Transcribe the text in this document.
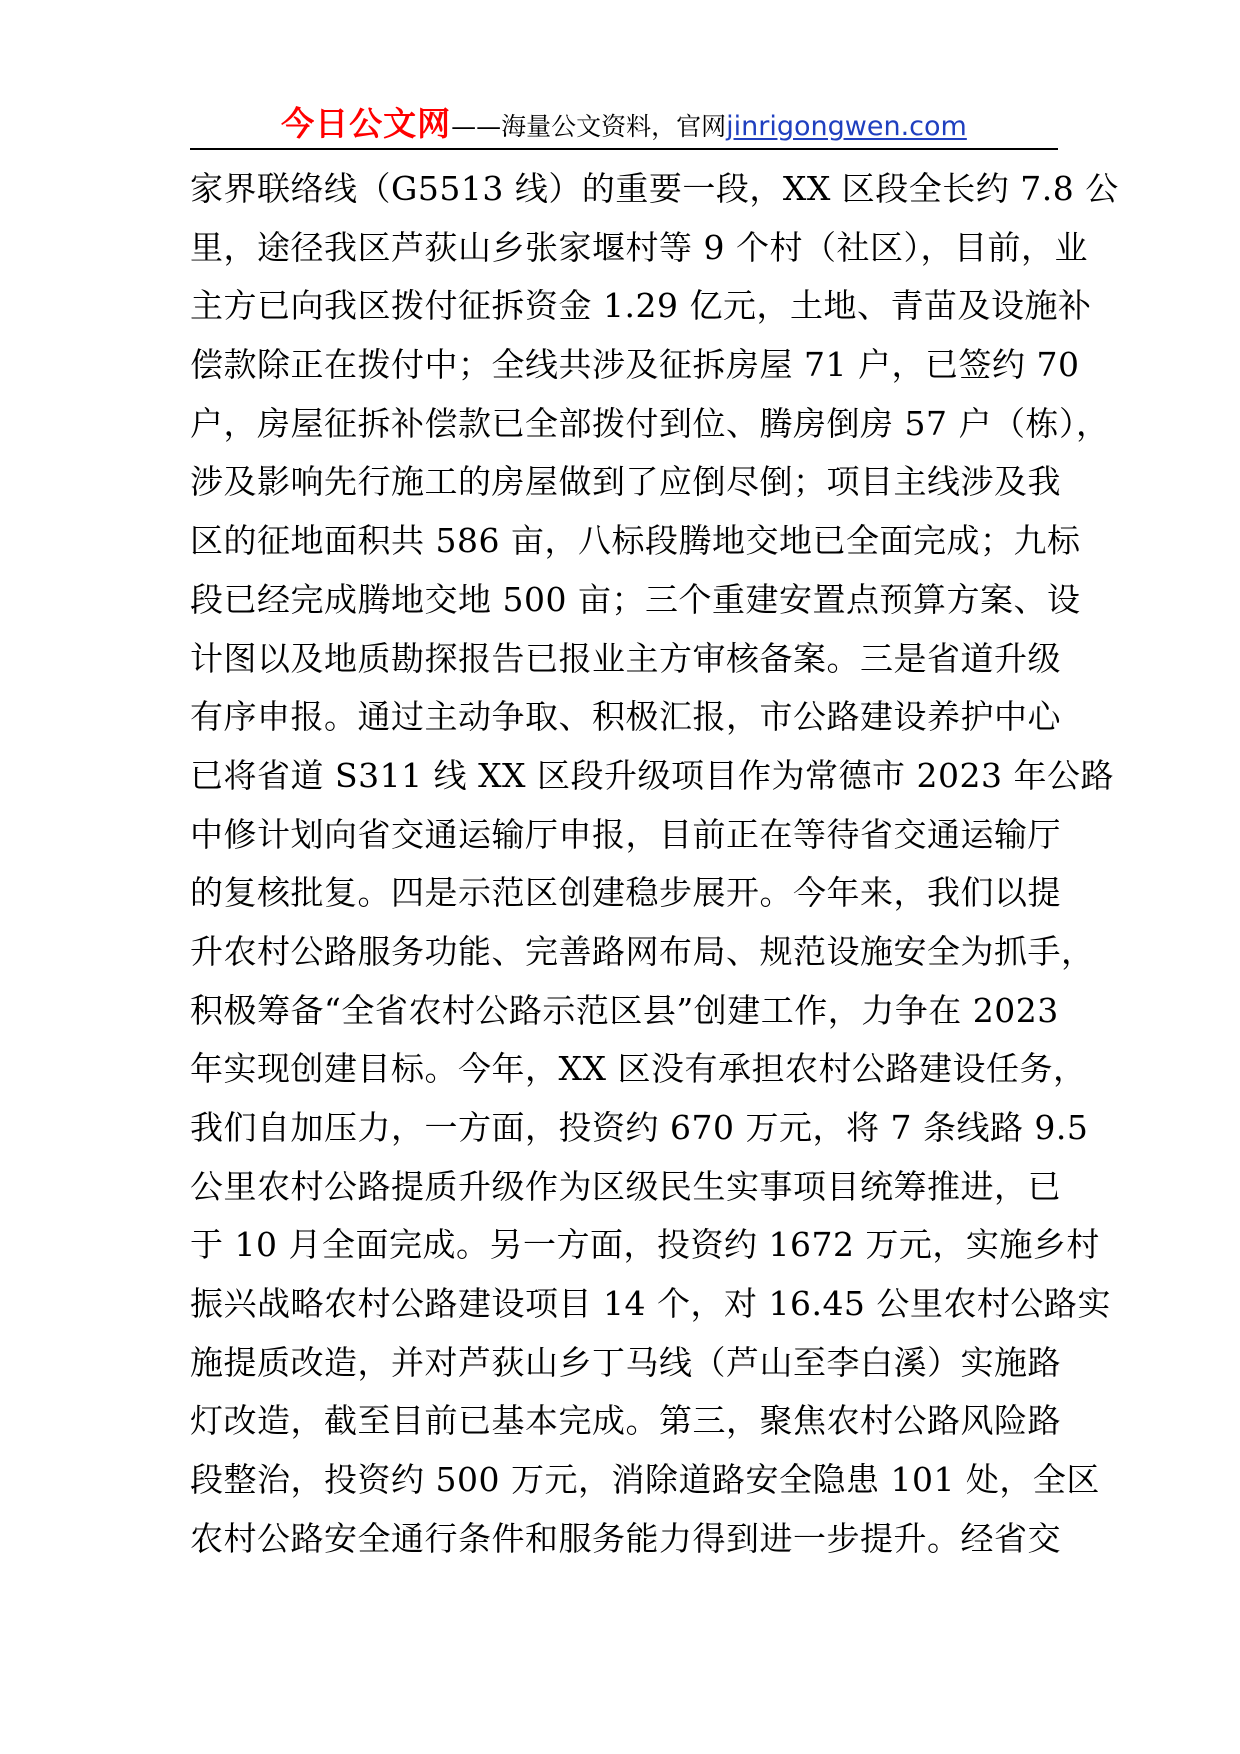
今日公文网——海量公文资料，官网jinrigongwen.com
家界联络线（G5513 线）的重要一段，XX 区段全长约 7.8 公
里，途径我区芦荻山乡张家堰村等 9 个村（社区），目前，业
主方已向我区拨付征拆资金 1.29 亿元，土地、青苗及设施补
偿款除正在拨付中；全线共涉及征拆房屋 71 户，已签约 70
户，房屋征拆补偿款已全部拨付到位、腾房倒房 57 户（栋），
涉及影响先行施工的房屋做到了应倒尽倒；项目主线涉及我
区的征地面积共 586 亩，八标段腾地交地已全面完成；九标
段已经完成腾地交地 500 亩；三个重建安置点预算方案、设
计图以及地质勘探报告已报业主方审核备案。三是省道升级
有序申报。通过主动争取、积极汇报，市公路建设养护中心
已将省道 S311 线 XX 区段升级项目作为常德市 2023 年公路
中修计划向省交通运输厅申报，目前正在等待省交通运输厅
的复核批复。四是示范区创建稳步展开。今年来，我们以提
升农村公路服务功能、完善路网布局、规范设施安全为抓手，
积极筹备“全省农村公路示范区县”创建工作，力争在 2023
年实现创建目标。今年，XX 区没有承担农村公路建设任务，
我们自加压力，一方面，投资约 670 万元，将 7 条线路 9.5
公里农村公路提质升级作为区级民生实事项目统筹推进，已
于 10 月全面完成。另一方面，投资约 1672 万元，实施乡村
振兴战略农村公路建设项目 14 个，对 16.45 公里农村公路实
施提质改造，并对芦荻山乡丁马线（芦山至李白溪）实施路
灯改造，截至目前已基本完成。第三，聚焦农村公路风险路
段整治，投资约 500 万元，消除道路安全隐患 101 处，全区
农村公路安全通行条件和服务能力得到进一步提升。经省交
